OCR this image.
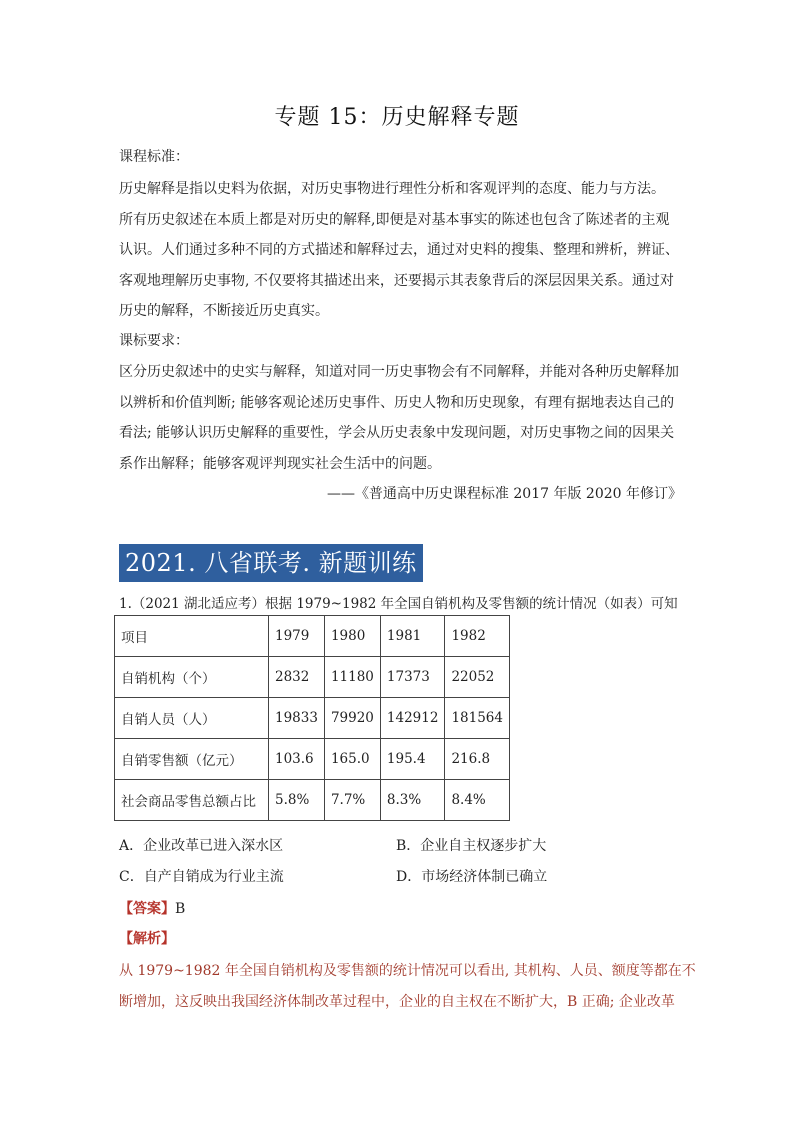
专题 15：历史解释专题
课程标准：
历史解释是指以史料为依据，对历史事物进行理性分析和客观评判的态度、能力与方法。
所有历史叙述在本质上都是对历史的解释,即便是对基本事实的陈述也包含了陈述者的主观
认识。人们通过多种不同的方式描述和解释过去，通过对史料的搜集、整理和辨析，辨证、
客观地理解历史事物, 不仅要将其描述出来，还要揭示其表象背后的深层因果关系。通过对
历史的解释，不断接近历史真实。
课标要求：
区分历史叙述中的史实与解释，知道对同一历史事物会有不同解释，并能对各种历史解释加
以辨析和价值判断; 能够客观论述历史事件、历史人物和历史现象，有理有据地表达自己的
看法; 能够认识历史解释的重要性，学会从历史表象中发现问题，对历史事物之间的因果关
系作出解释；能够客观评判现实社会生活中的问题。
——《普通高中历史课程标准 2017 年版 2020 年修订》
2021. 八省联考. 新题训练
1.（2021 湖北适应考）根据 1979~1982 年全国自销机构及零售额的统计情况（如表）可知
项目	1979	1980	1981	1982
自销机构（个）	2832	11180	17373	22052
自销人员（人）	19833	79920	142912	181564
自销零售额（亿元）	103.6	165.0	195.4	216.8
社会商品零售总额占比	5.8%	7.7%	8.3%	8.4%
A．企业改革已进入深水区	B．企业自主权逐步扩大
C．自产自销成为行业主流	D．市场经济体制已确立
【答案】B
【解析】
从 1979~1982 年全国自销机构及零售额的统计情况可以看出, 其机构、人员、额度等都在不
断增加，这反映出我国经济体制改革过程中，企业的自主权在不断扩大，B 正确; 企业改革
